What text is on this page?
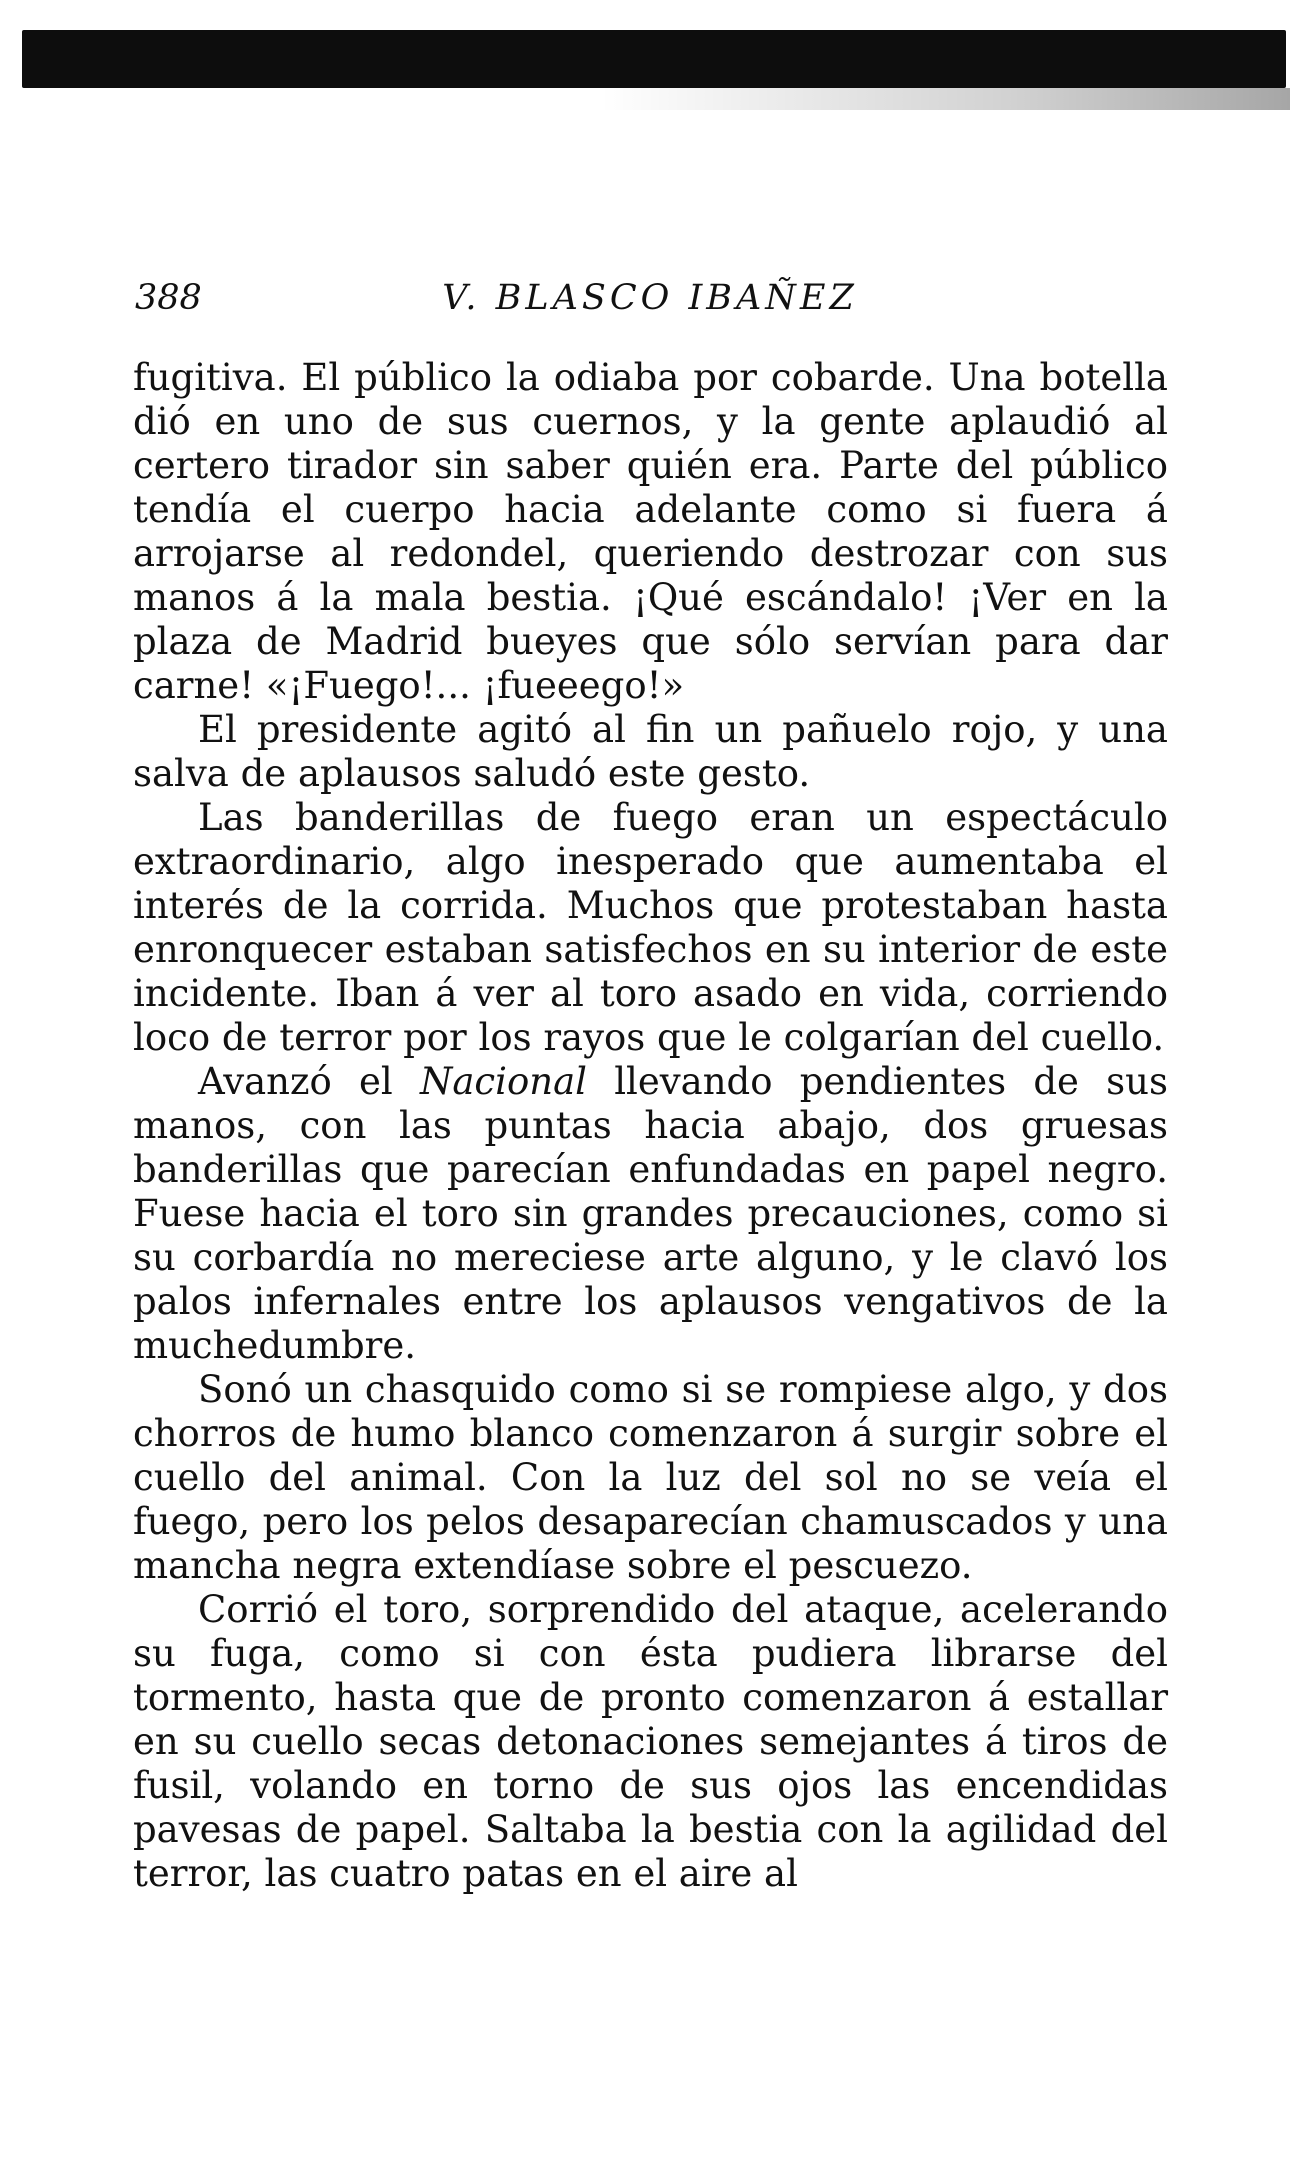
388	V. BLASCO IBAÑEZ

fugitiva. El público la odiaba por cobarde. Una botella dió en uno de sus cuernos, y la gente aplaudió al certero tirador sin saber quién era. Parte del público tendía el cuerpo hacia adelante como si fuera á arrojarse al redondel, queriendo destrozar con sus manos á la mala bestia. ¡Qué escándalo! ¡Ver en la plaza de Madrid bueyes que sólo servían para dar carne! «¡Fuego!... ¡fueeego!»

El presidente agitó al fin un pañuelo rojo, y una salva de aplausos saludó este gesto.

Las banderillas de fuego eran un espectáculo extraordinario, algo inesperado que aumentaba el interés de la corrida. Muchos que protestaban hasta enronquecer estaban satisfechos en su interior de este incidente. Iban á ver al toro asado en vida, corriendo loco de terror por los rayos que le colgarían del cuello.

Avanzó el Nacional llevando pendientes de sus manos, con las puntas hacia abajo, dos gruesas banderillas que parecían enfundadas en papel negro. Fuese hacia el toro sin grandes precauciones, como si su corbardía no mereciese arte alguno, y le clavó los palos infernales entre los aplausos vengativos de la muchedumbre.

Sonó un chasquido como si se rompiese algo, y dos chorros de humo blanco comenzaron á surgir sobre el cuello del animal. Con la luz del sol no se veía el fuego, pero los pelos desaparecían chamuscados y una mancha negra extendíase sobre el pescuezo.

Corrió el toro, sorprendido del ataque, acelerando su fuga, como si con ésta pudiera librarse del tormento, hasta que de pronto comenzaron á estallar en su cuello secas detonaciones semejantes á tiros de fusil, volando en torno de sus ojos las encendidas pavesas de papel. Saltaba la bestia con la agilidad del terror, las cuatro patas en el aire al
